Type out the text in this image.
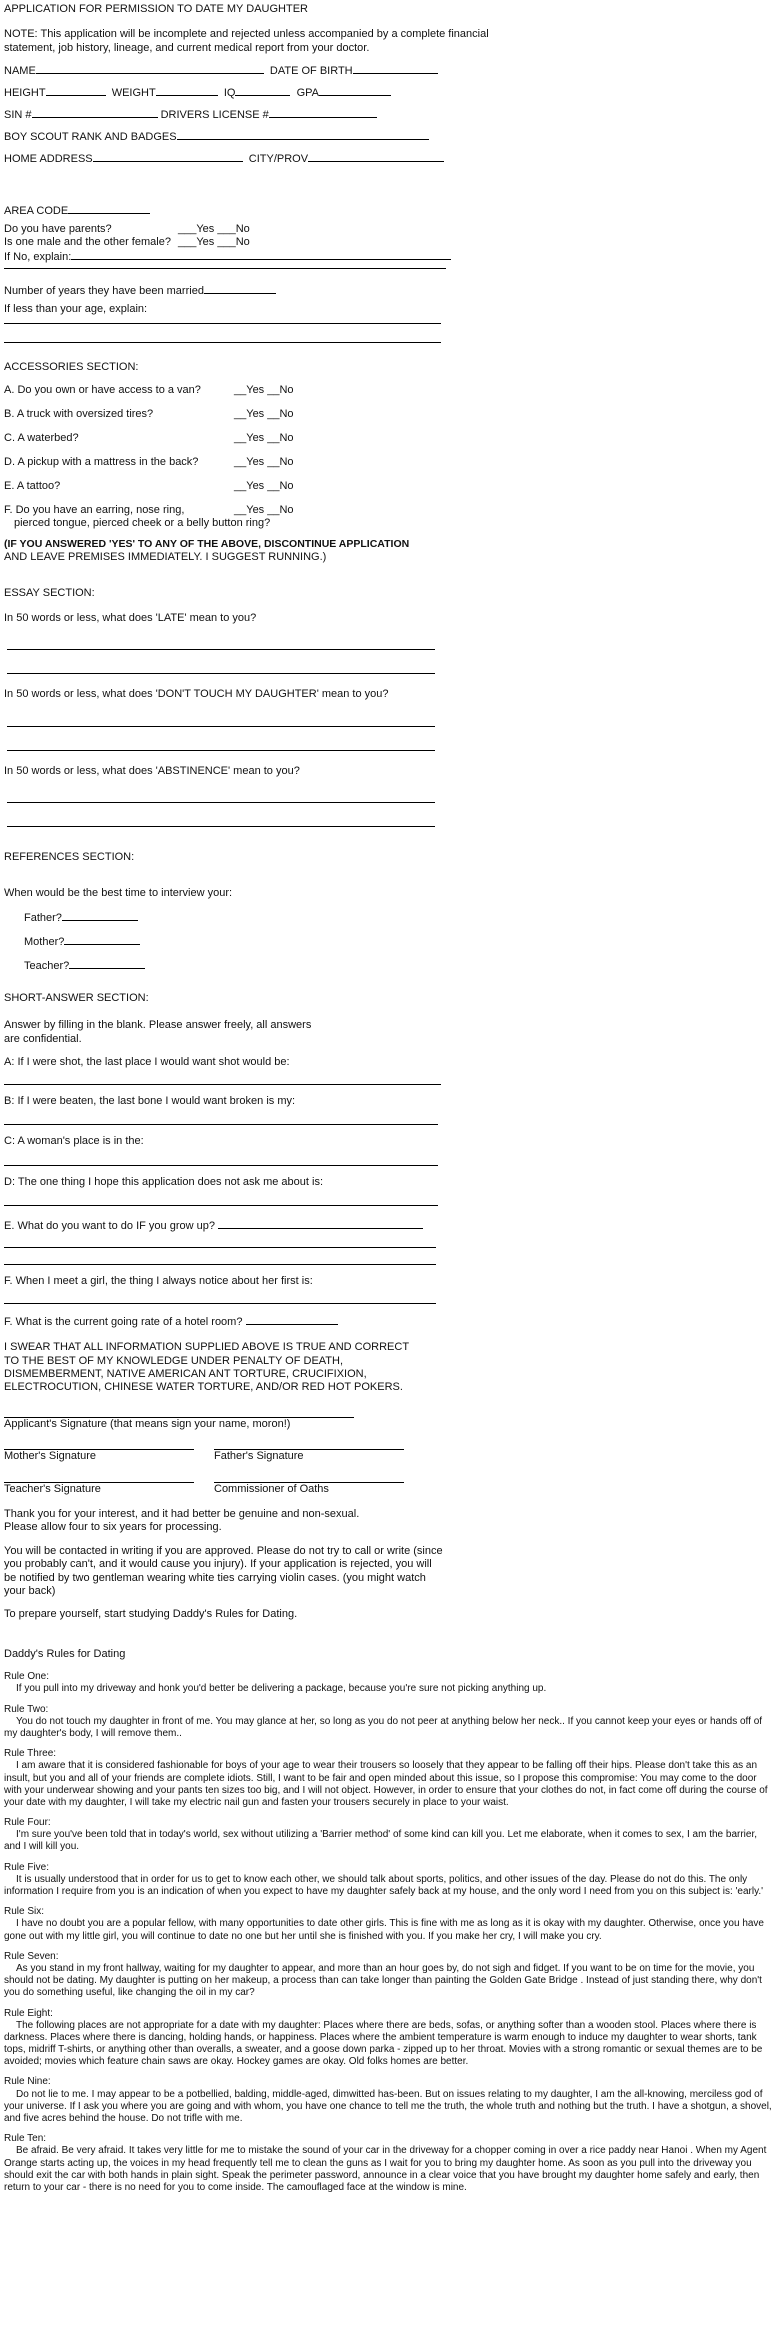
APPLICATION FOR PERMISSION TO DATE MY DAUGHTER

NOTE: This application will be incomplete and rejected unless accompanied by a complete financial statement, job history, lineage, and current medical report from your doctor.

NAME	DATE OF BIRTH
HEIGHT	WEIGHT	IQ	GPA
SIN #	DRIVERS LICENSE #
BOY SCOUT RANK AND BADGES
HOME ADDRESS	CITY/PROV
AREA CODE
Do you have parents?	___Yes ___No
Is one male and the other female? ___Yes ___No
If No, explain:
Number of years they have been married
If less than your age, explain:

ACCESSORIES SECTION:

A. Do you own or have access to a van?	__Yes __No
B. A truck with oversized tires?	__Yes __No
C. A waterbed?	__Yes __No
D. A pickup with a mattress in the back?	__Yes __No
E. A tattoo?	__Yes __No
F. Do you have an earring, nose ring,	__Yes __No
pierced tongue, pierced cheek or a belly button ring?

(IF YOU ANSWERED 'YES' TO ANY OF THE ABOVE, DISCONTINUE APPLICATION

AND LEAVE PREMISES IMMEDIATELY. I SUGGEST RUNNING.)

ESSAY SECTION:

In 50 words or less, what does 'LATE' mean to you?

In 50 words or less, what does 'DON'T TOUCH MY DAUGHTER' mean to you?

In 50 words or less, what does 'ABSTINENCE' mean to you?

REFERENCES SECTION:

When would be the best time to interview your:

Father?
Mother?
Teacher?

SHORT-ANSWER SECTION:

Answer by filling in the blank. Please answer freely, all answers

are confidential.

A: If I were shot, the last place I would want shot would be:

B: If I were beaten, the last bone I would want broken is my:

C: A woman's place is in the:

D: The one thing I hope this application does not ask me about is:

E. What do you want to do IF you grow up?

F. When I meet a girl, the thing I always notice about her first is:

F. What is the current going rate of a hotel room?

I SWEAR THAT ALL INFORMATION SUPPLIED ABOVE IS TRUE AND CORRECT TO THE BEST OF MY KNOWLEDGE UNDER PENALTY OF DEATH, DISMEMBERMENT, NATIVE AMERICAN ANT TORTURE, CRUCIFIXION, ELECTROCUTION, CHINESE WATER TORTURE, AND/OR RED HOT POKERS.

Applicant's Signature (that means sign your name, moron!)

Mother's Signature	Father's Signature

Teacher's Signature	Commissioner of Oaths

Thank you for your interest, and it had better be genuine and non-sexual.

Please allow four to six years for processing.

You will be contacted in writing if you are approved. Please do not try to call or write (since you probably can't, and it would cause you injury). If your application is rejected, you will be notified by two gentleman wearing white ties carrying violin cases. (you might watch your back)

To prepare yourself, start studying Daddy's Rules for Dating.

Daddy's Rules for Dating

Rule One:

If you pull into my driveway and honk you'd better be delivering a package, because you're sure not picking anything up.

Rule Two:

You do not touch my daughter in front of me. You may glance at her, so long as you do not peer at anything below her neck.. If you cannot keep your eyes or hands off of my daughter's body, I will remove them..

Rule Three:

I am aware that it is considered fashionable for boys of your age to wear their trousers so loosely that they appear to be falling off their hips. Please don't take this as an insult, but you and all of your friends are complete idiots. Still, I want to be fair and open minded about this issue, so I propose this compromise: You may come to the door with your underwear showing and your pants ten sizes too big, and I will not object. However, in order to ensure that your clothes do not, in fact come off during the course of your date with my daughter, I will take my electric nail gun and fasten your trousers securely in place to your waist.

Rule Four:

I'm sure you've been told that in today's world, sex without utilizing a 'Barrier method' of some kind can kill you. Let me elaborate, when it comes to sex, I am the barrier, and I will kill you.

Rule Five:

It is usually understood that in order for us to get to know each other, we should talk about sports, politics, and other issues of the day. Please do not do this. The only information I require from you is an indication of when you expect to have my daughter safely back at my house, and the only word I need from you on this subject is: 'early.'

Rule Six:

I have no doubt you are a popular fellow, with many opportunities to date other girls. This is fine with me as long as it is okay with my daughter. Otherwise, once you have gone out with my little girl, you will continue to date no one but her until she is finished with you. If you make her cry, I will make you cry.

Rule Seven:

As you stand in my front hallway, waiting for my daughter to appear, and more than an hour goes by, do not sigh and fidget. If you want to be on time for the movie, you should not be dating. My daughter is putting on her makeup, a process than can take longer than painting the Golden Gate Bridge . Instead of just standing there, why don't you do something useful, like changing the oil in my car?

Rule Eight:

The following places are not appropriate for a date with my daughter: Places where there are beds, sofas, or anything softer than a wooden stool. Places where there is darkness. Places where there is dancing, holding hands, or happiness. Places where the ambient temperature is warm enough to induce my daughter to wear shorts, tank tops, midriff T-shirts, or anything other than overalls, a sweater, and a goose down parka - zipped up to her throat. Movies with a strong romantic or sexual themes are to be avoided; movies which feature chain saws are okay. Hockey games are okay. Old folks homes are better.

Rule Nine:

Do not lie to me. I may appear to be a potbellied, balding, middle-aged, dimwitted has-been. But on issues relating to my daughter, I am the all-knowing, merciless god of your universe. If I ask you where you are going and with whom, you have one chance to tell me the truth, the whole truth and nothing but the truth. I have a shotgun, a shovel, and five acres behind the house. Do not trifle with me.

Rule Ten:

Be afraid. Be very afraid. It takes very little for me to mistake the sound of your car in the driveway for a chopper coming in over a rice paddy near Hanoi . When my Agent Orange starts acting up, the voices in my head frequently tell me to clean the guns as I wait for you to bring my daughter home. As soon as you pull into the driveway you should exit the car with both hands in plain sight. Speak the perimeter password, announce in a clear voice that you have brought my daughter home safely and early, then return to your car - there is no need for you to come inside. The camouflaged face at the window is mine.
